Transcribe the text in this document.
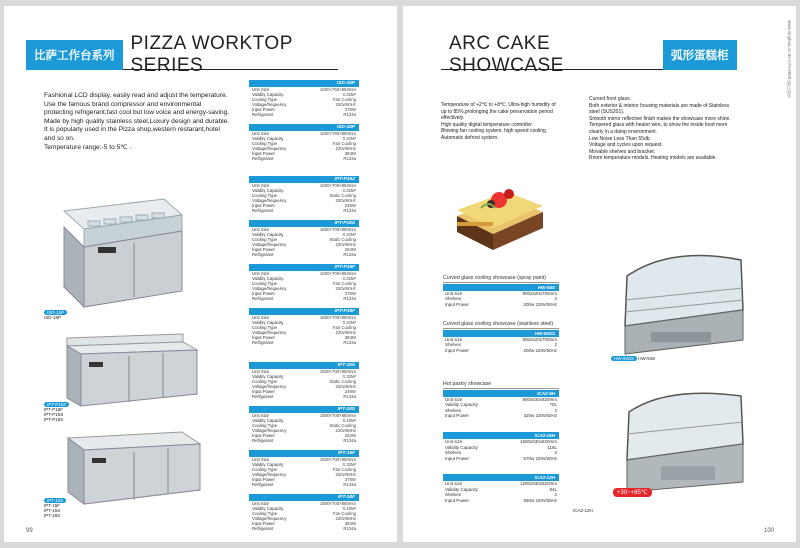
比萨工作台系列
PIZZA WORKTOP SERIES
Fashional LCD display, easily read and adjust the temperature.
Use the famous brand compressor and environmental protecting refrigerant,fast cool but low voice and energy-saving.
Made by high quality stainless steel.Luxury design and durable.
It is popularly used in the Pizza shop,western restarant,hotel and so on.
Temperature range:-5 to 5℃ .
ISD-15P
ISD-18P
IPT-P15Z
IPT-P15F
IPT-P15S
IPT-P18S
IPT-15S
IPT-15F
IPT-15S
IPT-18S
ISD-15P
Unit Size	1500×760×860mm
Validity Capacity	0.32M³
Cooling Type	Fan Cooling
Voltage/frequency	220v/50Hz
Input Power	378W
Refrigerant	R134a
ISD-18P
Unit Size	1500×760×860mm
Validity Capacity	0.42M³
Cooling Type	Fan Cooling
Voltage/frequency	220v/50Hz
Input Power	384W
Refrigerant	R134a
IPT-P15Z
Unit Size	1500×700×860mm
Validity Capacity	0.32M³
Cooling Type	Static Cooling
Voltage/frequency	220v/50Hz
Input Power	249W
Refrigerant	R134a
IPT-P18S
Unit Size	1800×700×860mm
Validity Capacity	0.42M³
Cooling Type	Static Cooling
Voltage/frequency	220v/50Hz
Input Power	254W
Refrigerant	R134a
IPT-P15F
Unit Size	1500×700×860mm
Validity Capacity	0.32M³
Cooling Type	Fan Cooling
Voltage/frequency	220v/50Hz
Input Power	378W
Refrigerant	R134a
IPT-P18F
Unit Size	1800×700×860mm
Validity Capacity	0.42M³
Cooling Type	Fan Cooling
Voltage/frequency	220v/50Hz
Input Power	384W
Refrigerant	R134a
IPT-15S
Unit Size	1500×700×860mm
Validity Capacity	0.32M³
Cooling Type	Static Cooling
Voltage/frequency	220v/50Hz
Input Power	249W
Refrigerant	R134a
IPT-18S
Unit Size	1800×700×860mm
Validity Capacity	0.42M³
Cooling Type	Static Cooling
Voltage/frequency	220v/50Hz
Input Power	254W
Refrigerant	R134a
IPT-15F
Unit Size	1500×700×860mm
Validity Capacity	0.32M³
Cooling Type	Fan Cooling
Voltage/frequency	220v/50Hz
Input Power	378W
Refrigerant	R134a
IPT-18F
Unit Size	1800×700×860mm
Validity Capacity	0.42M³
Cooling Type	Fan Cooling
Voltage/frequency	220v/50Hz
Input Power	384W
Refrigerant	R134a
99
ARC CAKE SHOWCASE	弧形蛋糕柜	www.xinghua.cn 86-579-8888 浙江星华
Temperature of +2℃ to +8℃, Ultra-high humidity of up to 85%,prolonging the cake preservation period effectively.
High quality digital temperature controller.
Blowing fan cooling system, high speed cooling.
Automatic defrost system.
Curved front glass.
Both exterior & interior housing materials are made of Stainless steel (SUS201).
Smooth mirror reflective finish makes the showcase more shine.
Tempered glass with heater wire, to show the inside food more clearly in a damp environment.
Low Noise Less Than 55db.
Voltage and cycles upon request.
Movable shelves and bracket.
Room temperature models, Heating models are available.
Curved glass cooling showcase (spray paint)
HW-94S
Unit size	900x520x700mm
Shelves	2
Input Power	200w 220v/50Hz
Curved glass cooling showcase (stainless steel)
HW-94SS
Unit size	900x520x700mm
Shelves	2
Input Power	200w 220v/50Hz
Hot pastry showcase
ICA2-9H
Unit size	900x530x820mm
Validity Capacity	70L
Shelves	2
Input Power	420w 220v/50Hz
ICA2-15H
Unit size	1500x530x820mm
Validity Capacity	118L
Shelves	2
Input Power	570w 220v/50Hz
ICA2-12H
Unit size	1200x530x820mm
Validity Capacity	94L
Shelves	2
Input Power	550w 220v/50Hz
HW-94SS HW-94S
ICA2-12H
+30~+85℃
100
